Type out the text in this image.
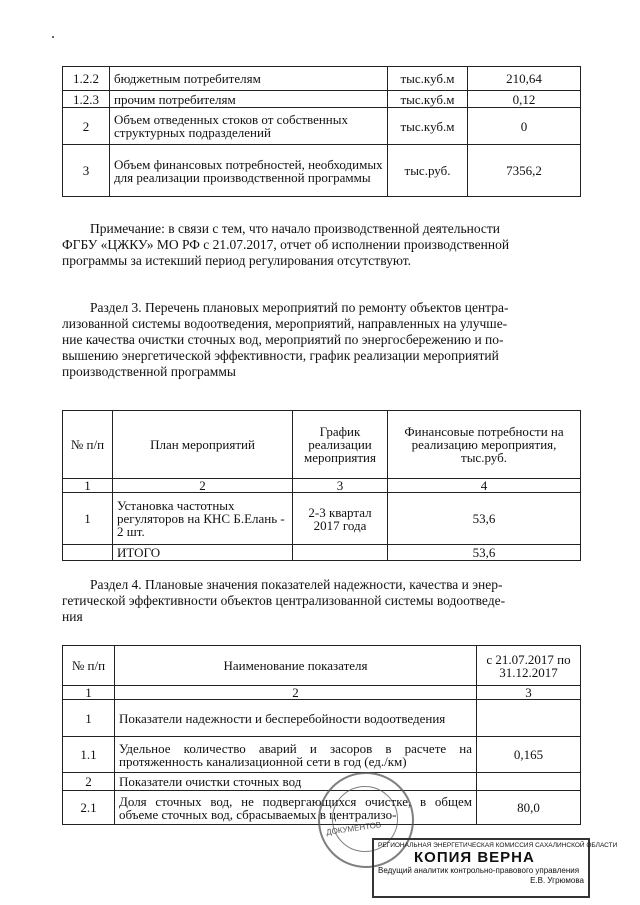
1.2.2	бюджетным потребителям	тыс.куб.м	210,64
1.2.3	прочим потребителям	тыс.куб.м	0,12
2	Объем отведенных стоков от собственных структурных подразделений	тыс.куб.м	0
3	Объем финансовых потребностей, необходимых для реализации производственной программы	тыс.руб.	7356,2
Примечание: в связи с тем, что начало производственной деятельности
ФГБУ «ЦЖКУ» МО РФ с 21.07.2017, отчет об исполнении производственной
программы за истекший период регулирования отсутствуют.
Раздел 3. Перечень плановых мероприятий по ремонту объектов центра-
лизованной системы водоотведения, мероприятий, направленных на улучше-
ние качества очистки сточных вод, мероприятий по энергосбережению и по-
вышению энергетической эффективности, график реализации мероприятий
производственной программы
№ п/п	План мероприятий	График реализации мероприятия	Финансовые потребности на реализацию мероприятия, тыс.руб.
1	2	3	4
1	Установка частотных регуляторов на КНС Б.Елань - 2 шт.	2-3 квартал 2017 года	53,6
	ИТОГО		53,6
Раздел 4. Плановые значения показателей надежности, качества и энер-
гетической эффективности объектов централизованной системы водоотведе-
ния
№ п/п	Наименование показателя	с 21.07.2017 по 31.12.2017
1	2	3
1	Показатели надежности и бесперебойности водоотведения	
1.1	Удельное количество аварий и засоров в расчете на протяженность канализационной сети в год (ед./км)	0,165
2	Показатели очистки сточных вод	
2.1	Доля сточных вод, не подвергающихся очистке, в общем объеме сточных вод, сбрасываемых в централизо-	80,0
ДОКУМЕНТОВ
РЕГИОНАЛЬНАЯ ЭНЕРГЕТИЧЕСКАЯ КОМИССИЯ САХАЛИНСКОЙ ОБЛАСТИ
КОПИЯ ВЕРНА
Ведущий аналитик контрольно-правового управления
Е.В. Угрюмова
